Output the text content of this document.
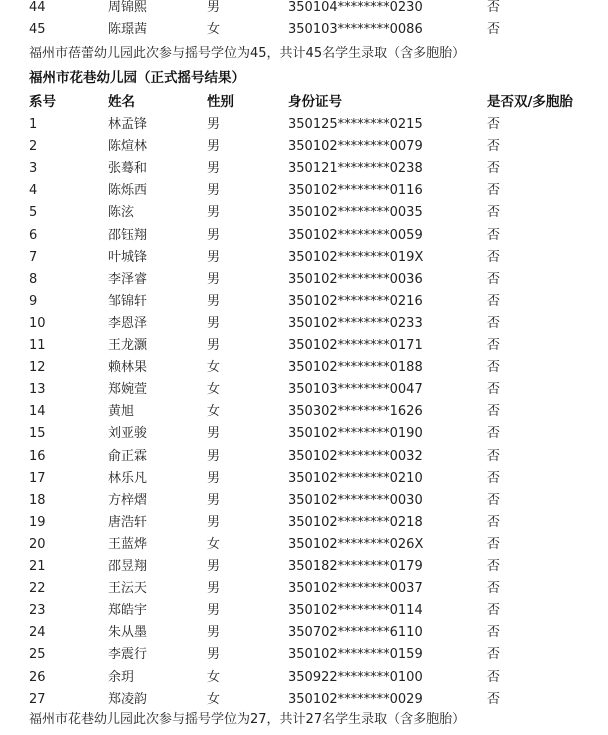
44	周锦熙	男	350104********0230	否
45	陈璟茜	女	350103********0086	否
福州市蓓蕾幼儿园此次参与摇号学位为45，共计45名学生录取（含多胞胎）
福州市花巷幼儿园（正式摇号结果）
系号	姓名	性别	身份证号	是否双/多胞胎
1	林孟锋	男	350125********0215	否
2	陈煊林	男	350102********0079	否
3	张蓦和	男	350121********0238	否
4	陈烁西	男	350102********0116	否
5	陈泫	男	350102********0035	否
6	邵钰翔	男	350102********0059	否
7	叶城锋	男	350102********019X	否
8	李泽睿	男	350102********0036	否
9	邹锦轩	男	350102********0216	否
10	李恩泽	男	350102********0233	否
11	王龙灏	男	350102********0171	否
12	赖林果	女	350102********0188	否
13	郑婉萱	女	350103********0047	否
14	黄旭	女	350302********1626	否
15	刘亚骏	男	350102********0190	否
16	俞正霖	男	350102********0032	否
17	林乐凡	男	350102********0210	否
18	方梓熠	男	350102********0030	否
19	唐浩轩	男	350102********0218	否
20	王蓝烨	女	350102********026X	否
21	邵昱翔	男	350182********0179	否
22	王沄天	男	350102********0037	否
23	郑皓宇	男	350102********0114	否
24	朱从墨	男	350702********6110	否
25	李震行	男	350102********0159	否
26	余玥	女	350922********0100	否
27	郑凌韵	女	350102********0029	否
福州市花巷幼儿园此次参与摇号学位为27，共计27名学生录取（含多胞胎）
